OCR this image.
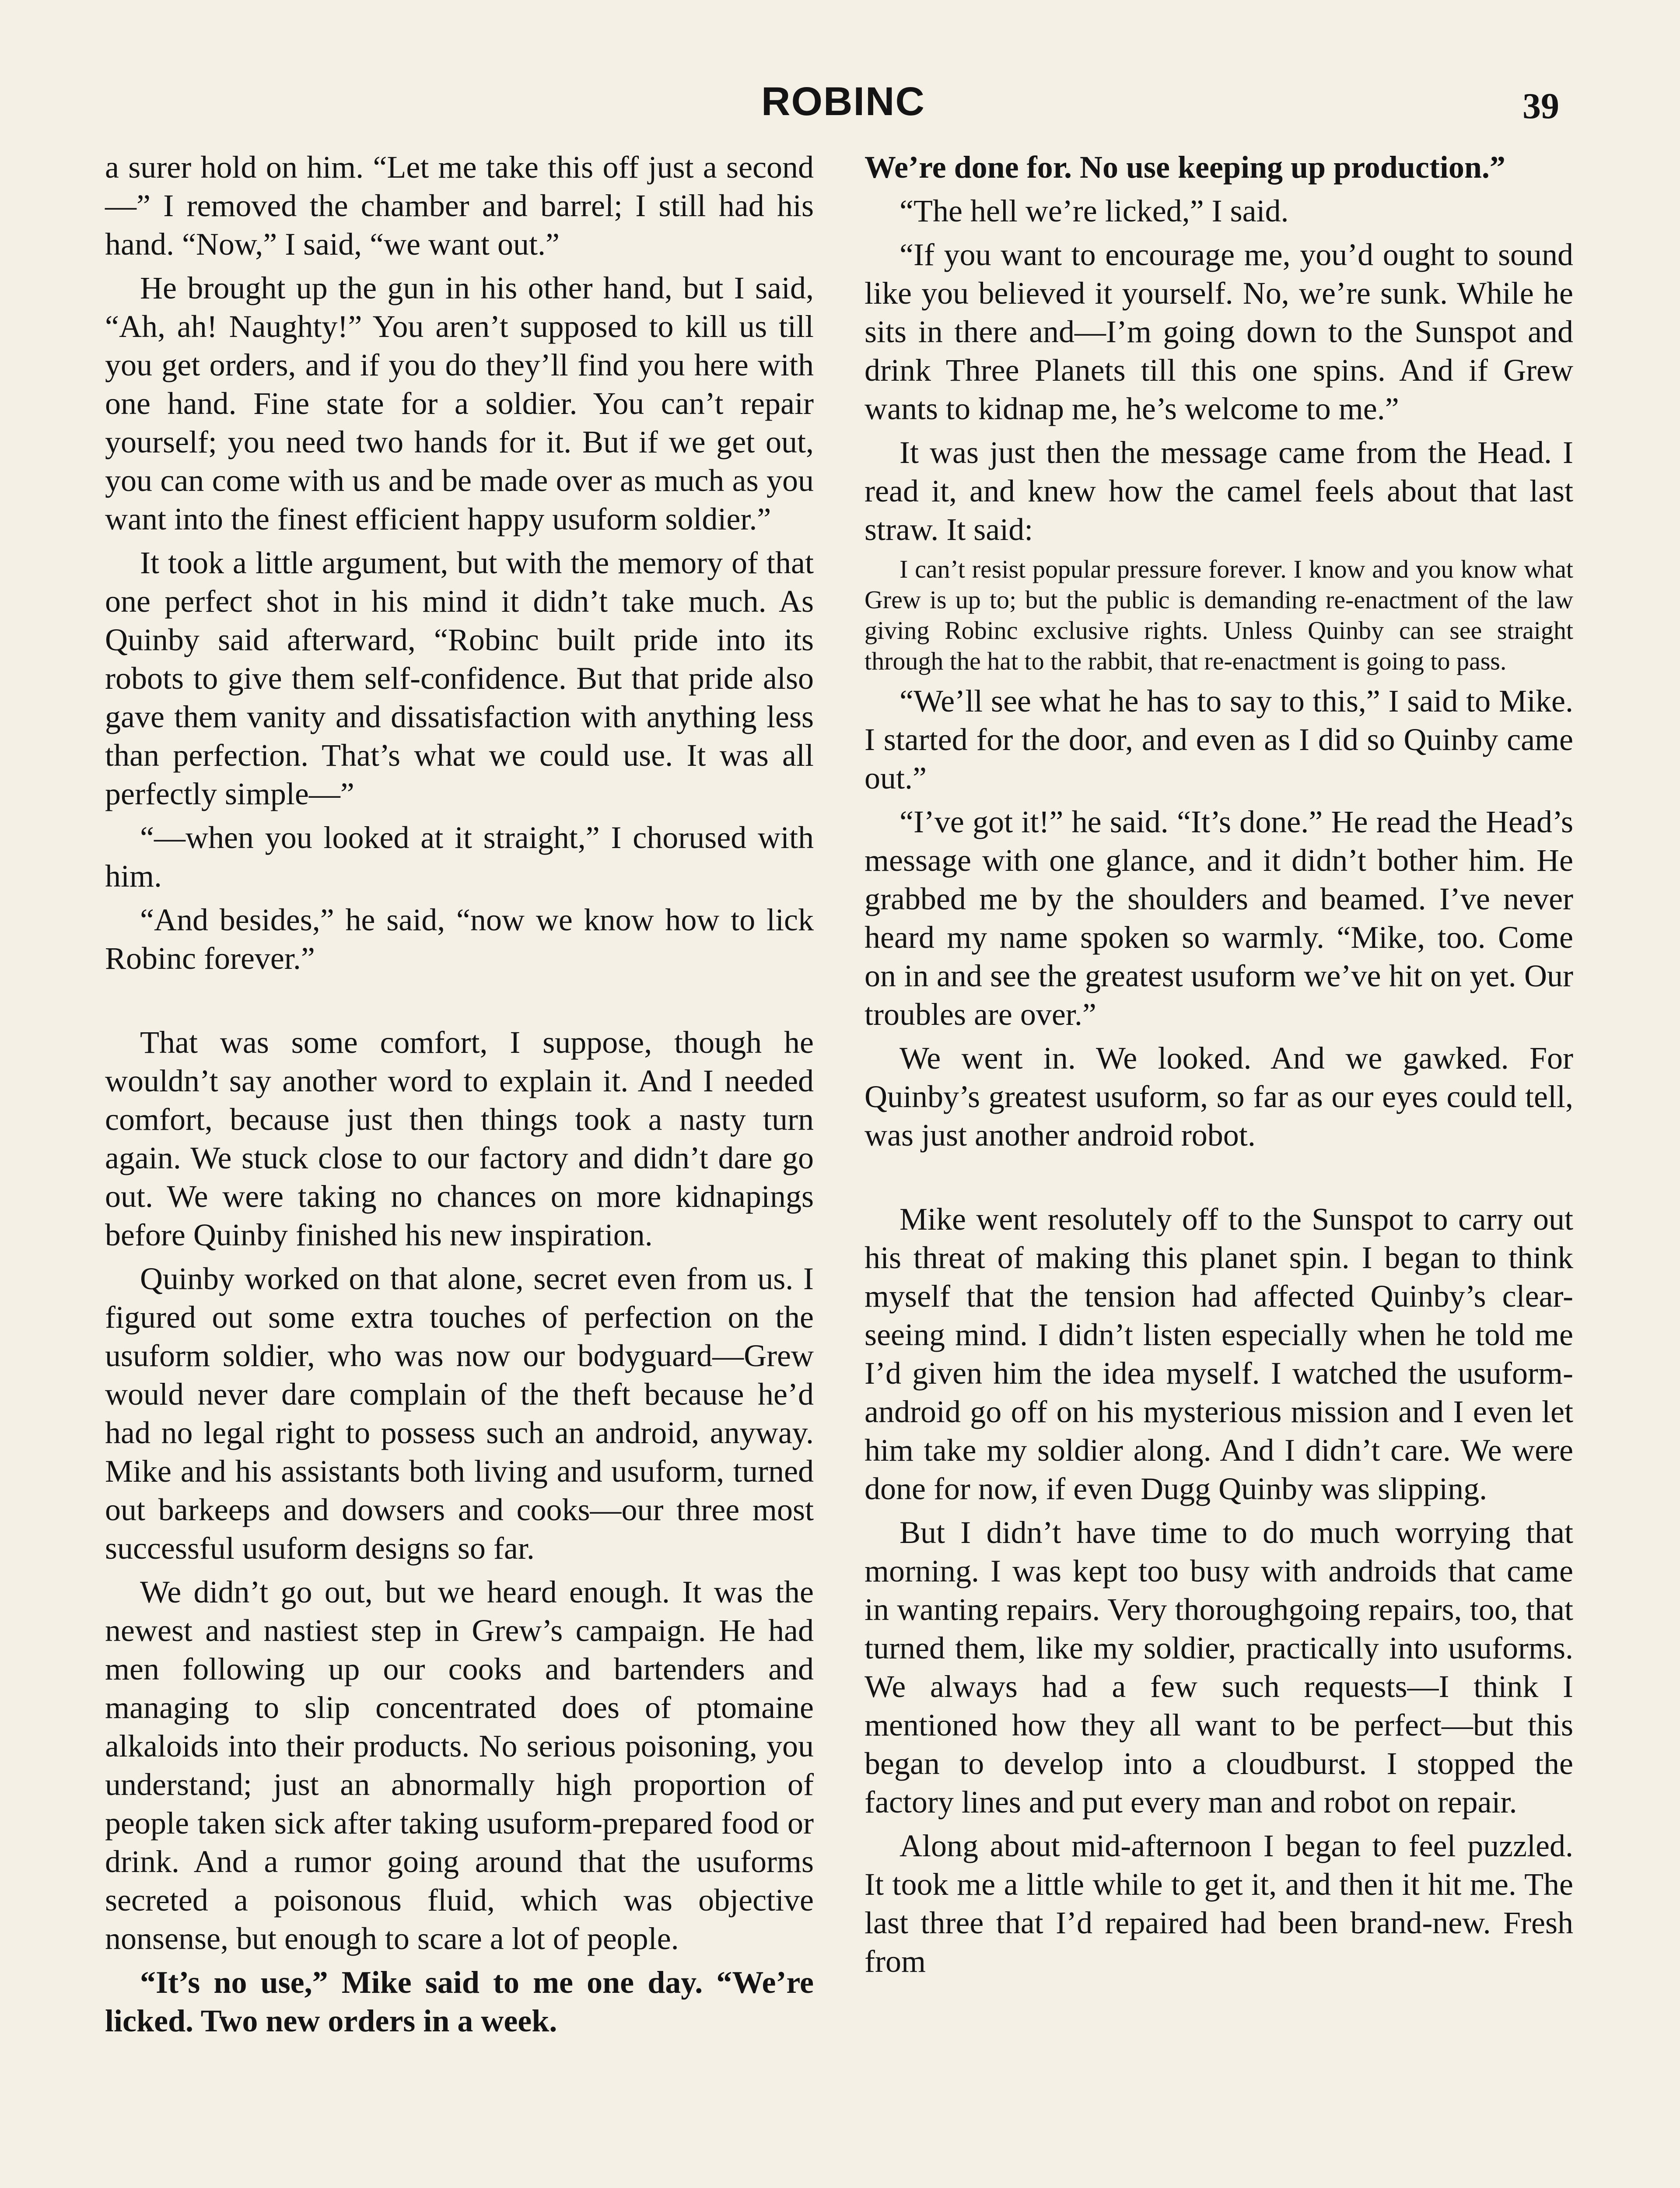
ROBINC	39

a surer hold on him. “Let me take this off just a second—” I removed the chamber and barrel; I still had his hand. “Now,” I said, “we want out.”

He brought up the gun in his other hand, but I said, “Ah, ah! Naughty!” You aren’t supposed to kill us till you get orders, and if you do they’ll find you here with one hand. Fine state for a soldier. You can’t repair yourself; you need two hands for it. But if we get out, you can come with us and be made over as much as you want into the finest efficient happy usuform soldier.”

It took a little argument, but with the memory of that one perfect shot in his mind it didn’t take much. As Quinby said afterward, “Robinc built pride into its robots to give them self-confidence. But that pride also gave them vanity and dissatisfaction with anything less than perfection. That’s what we could use. It was all perfectly simple—”

“—when you looked at it straight,” I chorused with him.

“And besides,” he said, “now we know how to lick Robinc forever.”

That was some comfort, I suppose, though he wouldn’t say another word to explain it. And I needed comfort, because just then things took a nasty turn again. We stuck close to our factory and didn’t dare go out. We were taking no chances on more kidnapings before Quinby finished his new inspiration.

Quinby worked on that alone, secret even from us. I figured out some extra touches of perfection on the usuform soldier, who was now our bodyguard—Grew would never dare complain of the theft because he’d had no legal right to possess such an android, anyway. Mike and his assistants both living and usuform, turned out barkeeps and dowsers and cooks—our three most successful usuform designs so far.

We didn’t go out, but we heard enough. It was the newest and nastiest step in Grew’s campaign. He had men following up our cooks and bartenders and managing to slip concentrated does of ptomaine alkaloids into their products. No serious poisoning, you understand; just an abnormally high proportion of people taken sick after taking usuform-prepared food or drink. And a rumor going around that the usuforms secreted a poisonous fluid, which was objective nonsense, but enough to scare a lot of people.

“It’s no use,” Mike said to me one day. “We’re licked. Two new orders in a week.

We’re done for. No use keeping up production.”

“The hell we’re licked,” I said.

“If you want to encourage me, you’d ought to sound like you believed it yourself. No, we’re sunk. While he sits in there and—I’m going down to the Sunspot and drink Three Planets till this one spins. And if Grew wants to kidnap me, he’s welcome to me.”

It was just then the message came from the Head. I read it, and knew how the camel feels about that last straw. It said:

I can’t resist popular pressure forever. I know and you know what Grew is up to; but the public is demanding re-enactment of the law giving Robinc exclusive rights. Unless Quinby can see straight through the hat to the rabbit, that re-enactment is going to pass.

“We’ll see what he has to say to this,” I said to Mike. I started for the door, and even as I did so Quinby came out.”

“I’ve got it!” he said. “It’s done.” He read the Head’s message with one glance, and it didn’t bother him. He grabbed me by the shoulders and beamed. I’ve never heard my name spoken so warmly. “Mike, too. Come on in and see the greatest usuform we’ve hit on yet. Our troubles are over.”

We went in. We looked. And we gawked. For Quinby’s greatest usuform, so far as our eyes could tell, was just another android robot.

Mike went resolutely off to the Sunspot to carry out his threat of making this planet spin. I began to think myself that the tension had affected Quinby’s clear-seeing mind. I didn’t listen especially when he told me I’d given him the idea myself. I watched the usuform-android go off on his mysterious mission and I even let him take my soldier along. And I didn’t care. We were done for now, if even Dugg Quinby was slipping.

But I didn’t have time to do much worrying that morning. I was kept too busy with androids that came in wanting repairs. Very thoroughgoing repairs, too, that turned them, like my soldier, practically into usuforms. We always had a few such requests—I think I mentioned how they all want to be perfect—but this began to develop into a cloudburst. I stopped the factory lines and put every man and robot on repair.

Along about mid-afternoon I began to feel puzzled. It took me a little while to get it, and then it hit me. The last three that I’d repaired had been brand-new. Fresh from
